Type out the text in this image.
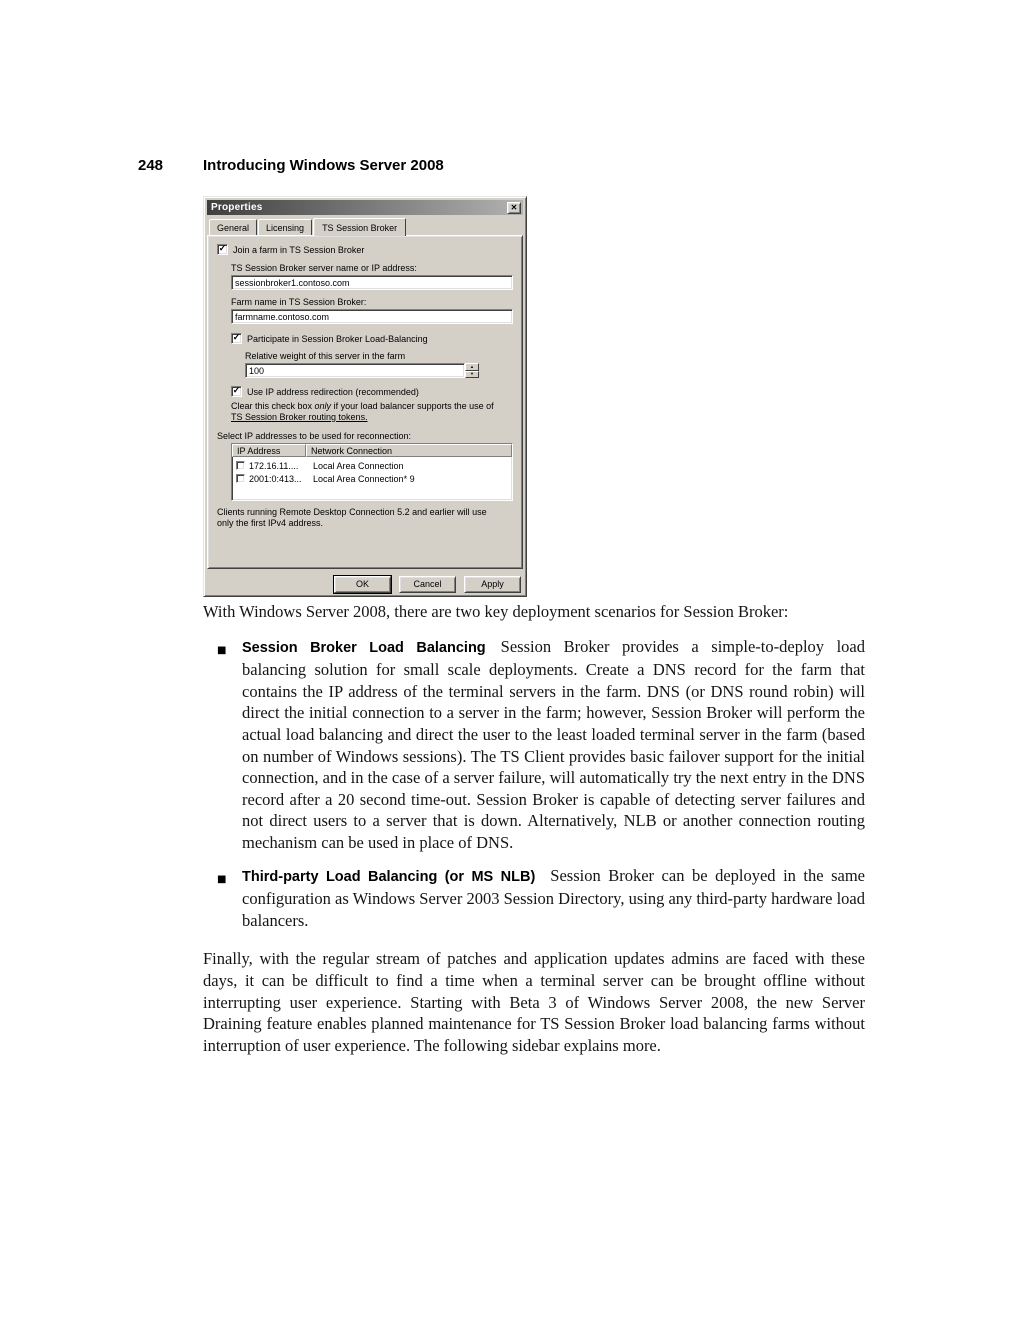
248	Introducing Windows Server 2008
Properties	✕
General	Licensing	TS Session Broker
✓ Join a farm in TS Session Broker
TS Session Broker server name or IP address:
sessionbroker1.contoso.com
Farm name in TS Session Broker:
farmname.contoso.com
✓ Participate in Session Broker Load-Balancing
Relative weight of this server in the farm
100
▲
▼
✓ Use IP address redirection (recommended)
Clear this check box only if your load balancer supports the use of TS Session Broker routing tokens.
Select IP addresses to be used for reconnection:
IP Address	Network Connection
172.16.11....	Local Area Connection
2001:0:413...	Local Area Connection* 9
Clients running Remote Desktop Connection 5.2 and earlier will use only the first IPv4 address.
OK	Cancel	Apply

With Windows Server 2008, there are two key deployment scenarios for Session Broker:

■	Session Broker Load Balancing Session Broker provides a simple-to-deploy load balancing solution for small scale deployments. Create a DNS record for the farm that contains the IP address of the terminal servers in the farm. DNS (or DNS round robin) will direct the initial connection to a server in the farm; however, Session Broker will perform the actual load balancing and direct the user to the least loaded terminal server in the farm (based on number of Windows sessions). The TS Client provides basic failover support for the initial connection, and in the case of a server failure, will automatically try the next entry in the DNS record after a 20 second time-out. Session Broker is capable of detecting server failures and not direct users to a server that is down. Alternatively, NLB or another connection routing mechanism can be used in place of DNS.
■	Third-party Load Balancing (or MS NLB) Session Broker can be deployed in the same configuration as Windows Server 2003 Session Directory, using any third-party hardware load balancers.

Finally, with the regular stream of patches and application updates admins are faced with these days, it can be difficult to find a time when a terminal server can be brought offline without interrupting user experience. Starting with Beta 3 of Windows Server 2008, the new Server Draining feature enables planned maintenance for TS Session Broker load balancing farms without interruption of user experience. The following sidebar explains more.
